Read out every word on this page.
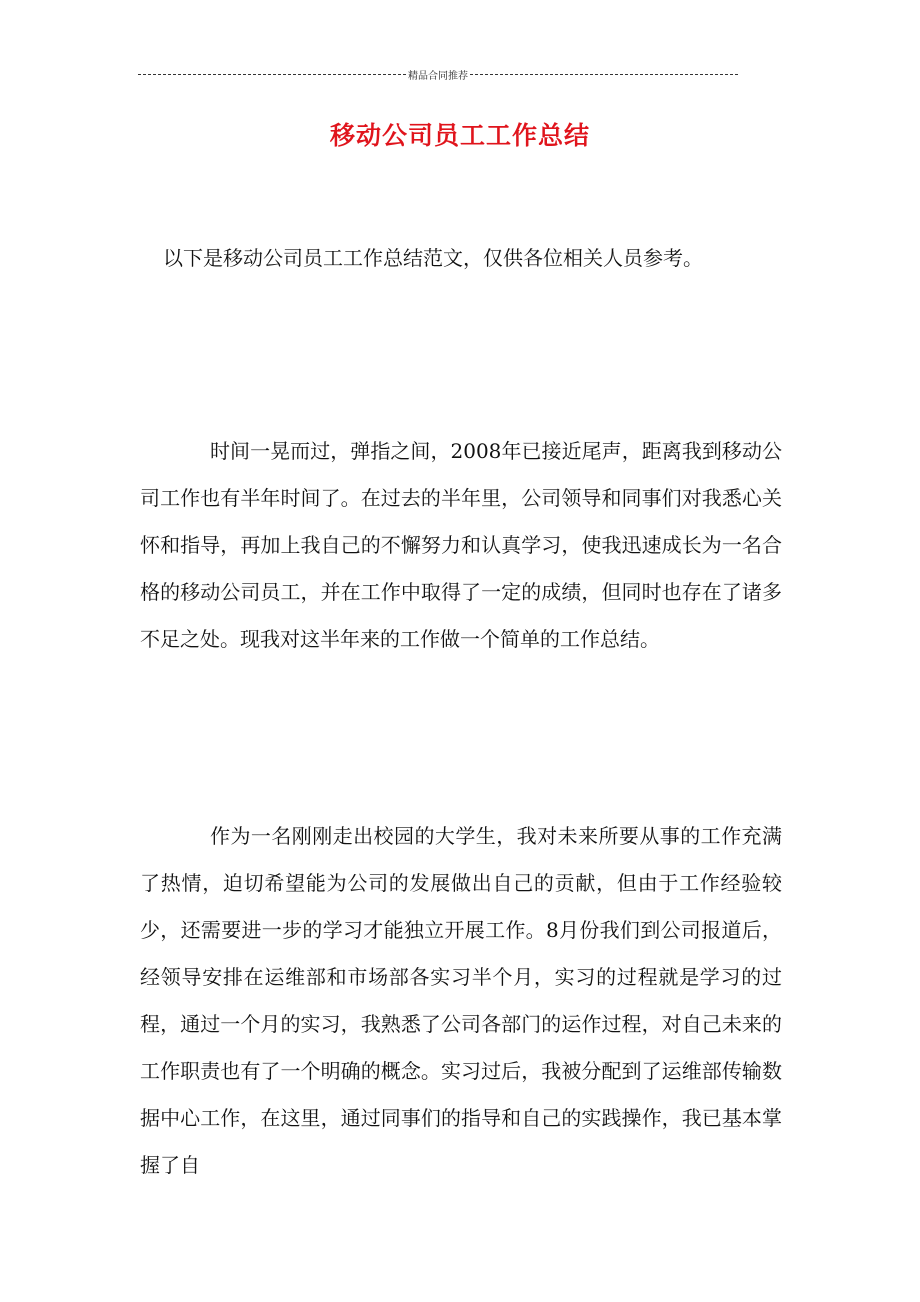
精品合同推荐
移动公司员工工作总结
以下是移动公司员工工作总结范文，仅供各位相关人员参考。
时间一晃而过，弹指之间，2008年已接近尾声，距离我到移动公司工作也有半年时间了。在过去的半年里，公司领导和同事们对我悉心关怀和指导，再加上我自己的不懈努力和认真学习，使我迅速成长为一名合格的移动公司员工，并在工作中取得了一定的成绩，但同时也存在了诸多不足之处。现我对这半年来的工作做一个简单的工作总结。
作为一名刚刚走出校园的大学生，我对未来所要从事的工作充满了热情，迫切希望能为公司的发展做出自己的贡献，但由于工作经验较少，还需要进一步的学习才能独立开展工作。8月份我们到公司报道后，经领导安排在运维部和市场部各实习半个月，实习的过程就是学习的过程，通过一个月的实习，我熟悉了公司各部门的运作过程，对自己未来的工作职责也有了一个明确的概念。实习过后，我被分配到了运维部传输数据中心工作，在这里，通过同事们的指导和自己的实践操作，我已基本掌握了自
